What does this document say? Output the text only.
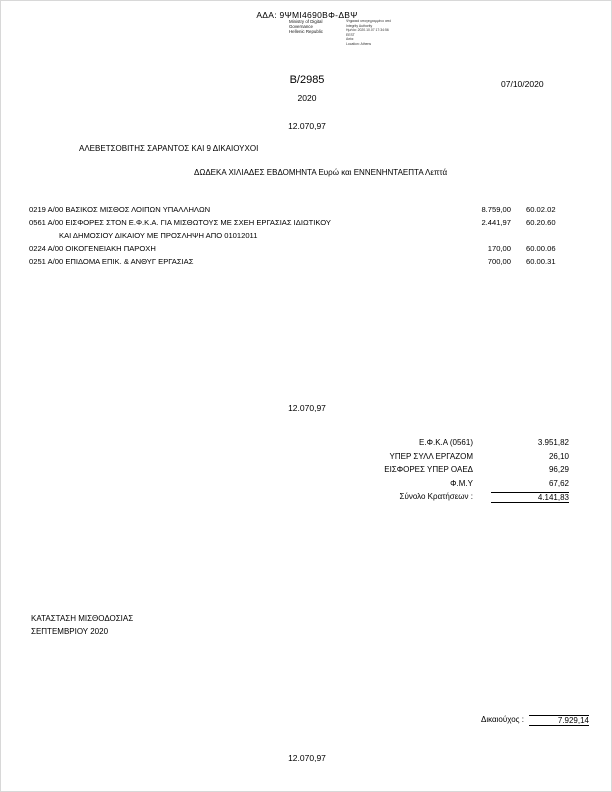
ΑΔΑ: 9ΨΜΙ4690ΒΦ-ΔΒΨ
Ministry of Digital
Governance
Hellenic Republic
Ψηφιακά υπογεγραμμένο από
Integrity Authority
Ημ/νία: 2020.10.07 17:34:56
EEST
Αιτία:
Location: Athens
Β/2985	07/10/2020
2020
12.070,97
ΑΛΕΒΕΤΣΟΒΙΤΗΣ ΣΑΡΑΝΤΟΣ ΚΑΙ 9 ΔΙΚΑΙΟΥΧΟΙ
ΔΩΔΕΚΑ ΧΙΛΙΑΔΕΣ ΕΒΔΟΜΗΝΤΑ Ευρώ και ΕΝΝΕΝΗΝΤΑΕΠΤΑ Λεπτά
0219 Α/00 ΒΑΣΙΚΟΣ ΜΙΣΘΟΣ ΛΟΙΠΩΝ ΥΠΑΛΛΗΛΩΝ	8.759,00 60.02.02
0561 Α/00 ΕΙΣΦΟΡΕΣ ΣΤΟΝ Ε.Φ.Κ.Α. ΓΙΑ ΜΙΣΘΩΤΟΥΣ ΜΕ ΣΧΕΗ ΕΡΓΑΣΙΑΣ ΙΔΙΩΤΙΚΟΥ	2.441,97 60.20.60
ΚΑΙ ΔΗΜΟΣΙΟΥ ΔΙΚΑΙΟΥ ΜΕ ΠΡΟΣΛΗΨΗ ΑΠΟ 01012011
0224 Α/00 ΟΙΚΟΓΕΝΕΙΑΚΗ ΠΑΡΟΧΗ	170,00 60.00.06
0251 Α/00 ΕΠΙΔΟΜΑ ΕΠΙΚ. & ΑΝΘΥΓ ΕΡΓΑΣΙΑΣ	700,00 60.00.31
12.070,97
Ε.Φ.Κ.Α (0561)	3.951,82
ΥΠΕΡ ΣΥΛΛ ΕΡΓΑΖΟΜ	26,10
ΕΙΣΦΟΡΕΣ ΥΠΕΡ ΟΑΕΔ	96,29
Φ.Μ.Υ	67,62
Σύνολο Κρατήσεων :	4.141,83
ΚΑΤΑΣΤΑΣΗ ΜΙΣΘΟΔΟΣΙΑΣ
ΣΕΠΤΕΜΒΡΙΟΥ 2020
Δικαιούχος :	7.929,14
12.070,97
